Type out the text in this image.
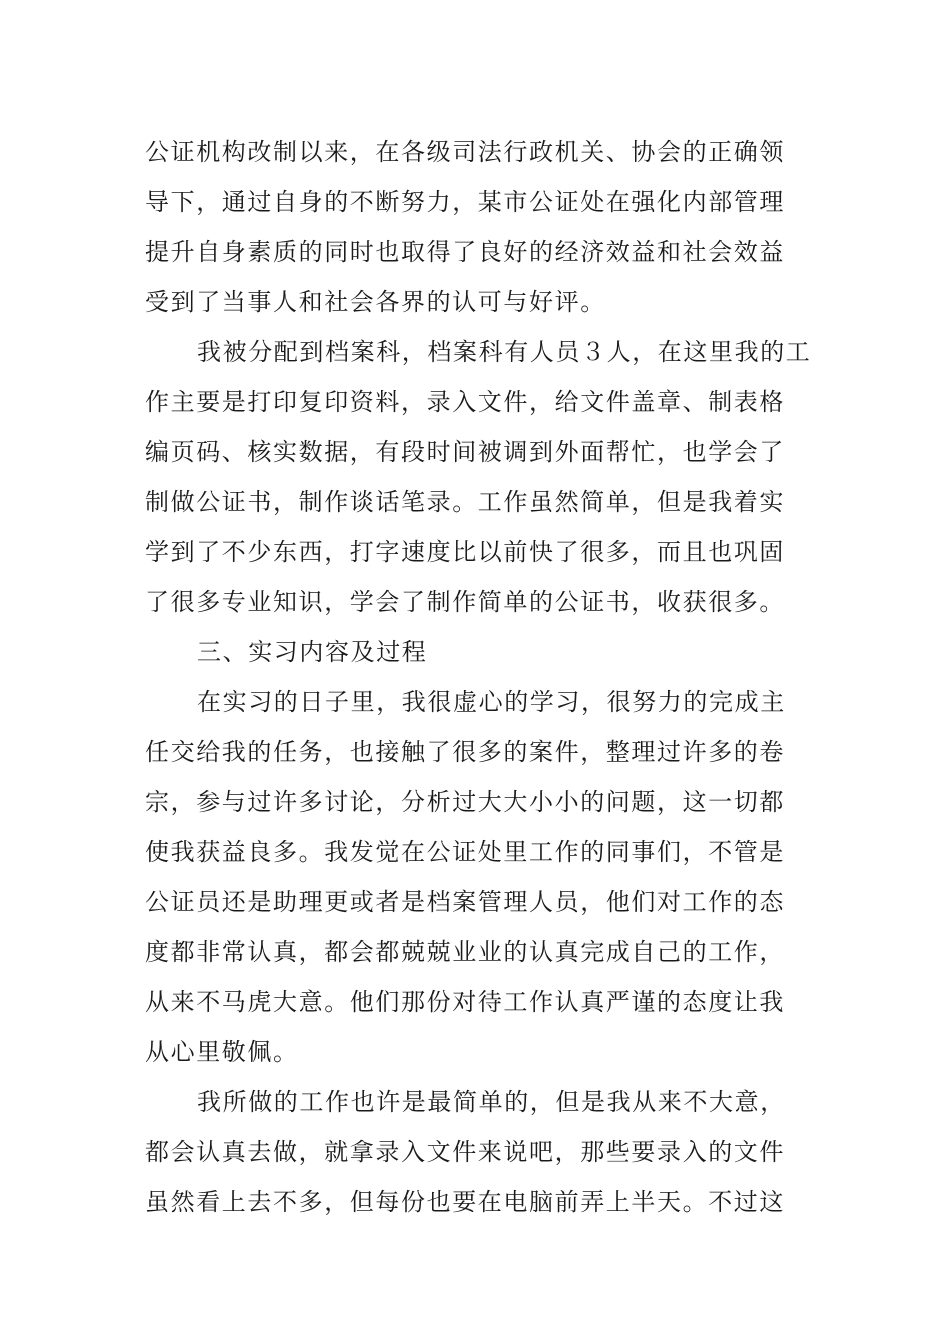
公证机构改制以来，在各级司法行政机关、协会的正确领
导下，通过自身的不断努力，某市公证处在强化内部管理
提升自身素质的同时也取得了良好的经济效益和社会效益
受到了当事人和社会各界的认可与好评。
我被分配到档案科，档案科有人员３人，在这里我的工
作主要是打印复印资料，录入文件，给文件盖章、制表格
编页码、核实数据，有段时间被调到外面帮忙，也学会了
制做公证书，制作谈话笔录。工作虽然简单，但是我着实
学到了不少东西，打字速度比以前快了很多，而且也巩固
了很多专业知识，学会了制作简单的公证书，收获很多。
三、实习内容及过程
在实习的日子里，我很虚心的学习，很努力的完成主
任交给我的任务，也接触了很多的案件，整理过许多的卷
宗，参与过许多讨论，分析过大大小小的问题，这一切都
使我获益良多。我发觉在公证处里工作的同事们，不管是
公证员还是助理更或者是档案管理人员，他们对工作的态
度都非常认真，都会都兢兢业业的认真完成自己的工作，
从来不马虎大意。他们那份对待工作认真严谨的态度让我
从心里敬佩。
我所做的工作也许是最简单的，但是我从来不大意，
都会认真去做，就拿录入文件来说吧，那些要录入的文件
虽然看上去不多，但每份也要在电脑前弄上半天。不过这
